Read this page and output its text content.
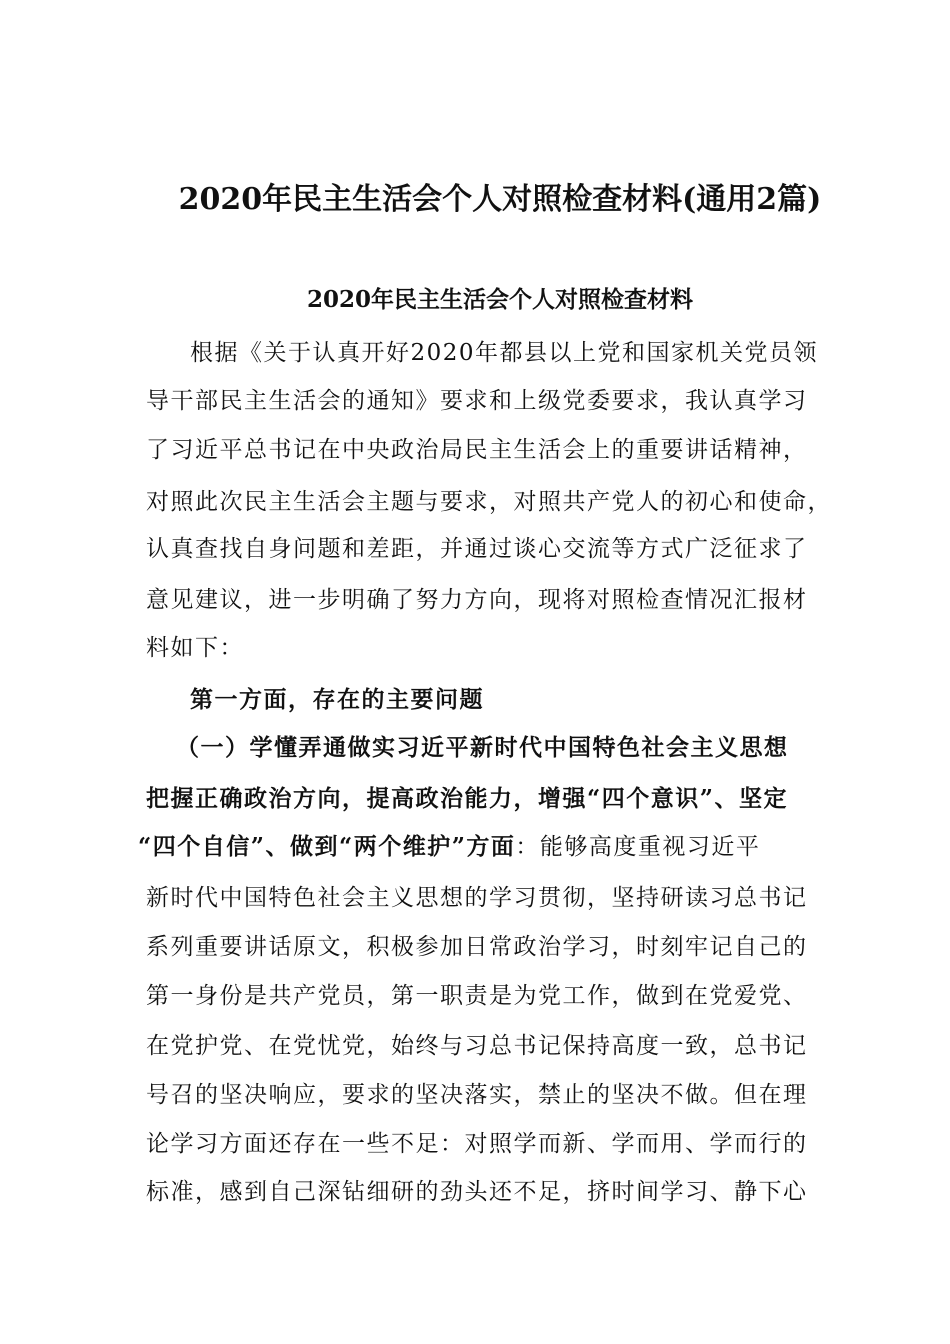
2020年民主生活会个人对照检查材料(通用2篇)
2020年民主生活会个人对照检查材料
根据《关于认真开好2020年都县以上党和国家机关党员领
导干部民主生活会的通知》要求和上级党委要求，我认真学习
了习近平总书记在中央政治局民主生活会上的重要讲话精神，
对照此次民主生活会主题与要求，对照共产党人的初心和使命，
认真查找自身问题和差距，并通过谈心交流等方式广泛征求了
意见建议，进一步明确了努力方向，现将对照检查情况汇报材
料如下：
第一方面，存在的主要问题
（一）学懂弄通做实习近平新时代中国特色社会主义思想
把握正确政治方向，提高政治能力，增强“四个意识”、坚定
“四个自信”、做到“两个维护”方面：能够高度重视习近平
新时代中国特色社会主义思想的学习贯彻，坚持研读习总书记
系列重要讲话原文，积极参加日常政治学习，时刻牢记自己的
第一身份是共产党员，第一职责是为党工作，做到在党爱党、
在党护党、在党忧党，始终与习总书记保持高度一致，总书记
号召的坚决响应，要求的坚决落实，禁止的坚决不做。但在理
论学习方面还存在一些不足：对照学而新、学而用、学而行的
标准，感到自己深钻细研的劲头还不足，挤时间学习、静下心
